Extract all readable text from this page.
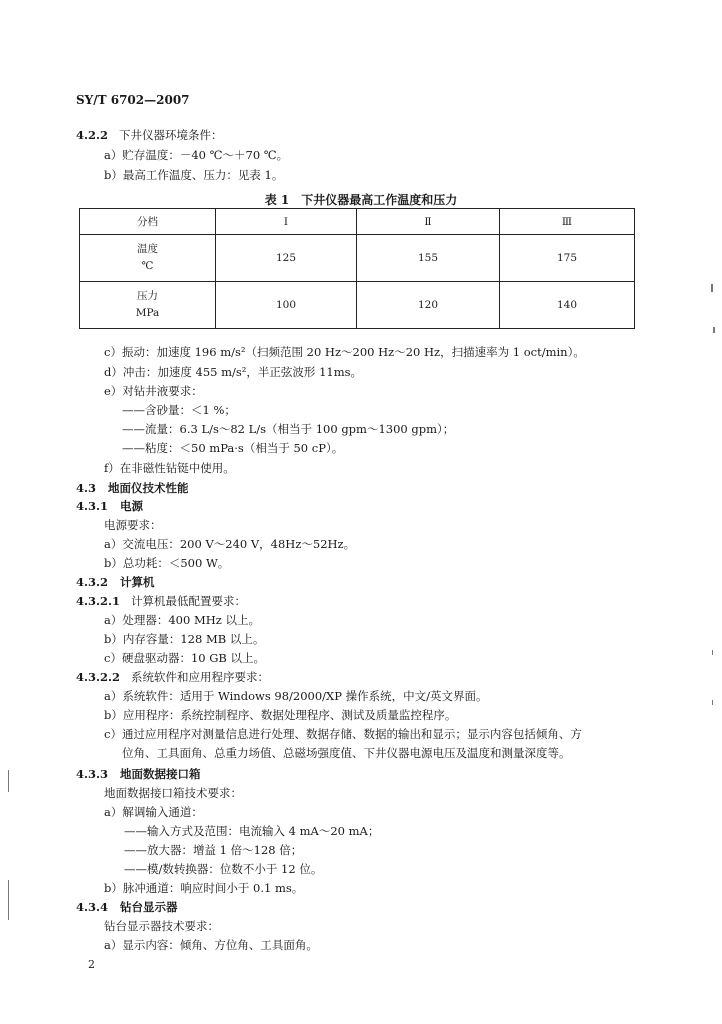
SY/T 6702—2007
4.2.2 下井仪器环境条件：
a）贮存温度：－40 ℃～＋70 ℃。
b）最高工作温度、压力：见表 1。
表 1　下井仪器最高工作温度和压力
分档	Ⅰ	Ⅱ	Ⅲ

温度
℃	125	155	175

压力
MPa	100	120	140
c）振动：加速度 196 m/s²（扫频范围 20 Hz～200 Hz～20 Hz，扫描速率为 1 oct/min）。
d）冲击：加速度 455 m/s²，半正弦波形 11ms。
e）对钻井液要求：
——含砂量：＜1 %；
——流量：6.3 L/s～82 L/s（相当于 100 gpm～1300 gpm）；
——粘度：＜50 mPa·s（相当于 50 cP）。
f）在非磁性钻铤中使用。
4.3 地面仪技术性能
4.3.1 电源
电源要求：
a）交流电压：200 V～240 V，48Hz～52Hz。
b）总功耗：＜500 W。
4.3.2 计算机
4.3.2.1 计算机最低配置要求：
a）处理器：400 MHz 以上。
b）内存容量：128 MB 以上。
c）硬盘驱动器：10 GB 以上。
4.3.2.2 系统软件和应用程序要求：
a）系统软件：适用于 Windows 98/2000/XP 操作系统，中文/英文界面。
b）应用程序：系统控制程序、数据处理程序、测试及质量监控程序。
c）通过应用程序对测量信息进行处理、数据存储、数据的输出和显示；显示内容包括倾角、方
位角、工具面角、总重力场值、总磁场强度值、下井仪器电源电压及温度和测量深度等。
4.3.3 地面数据接口箱
地面数据接口箱技术要求：
a）解调输入通道：
——输入方式及范围：电流输入 4 mA～20 mA；
——放大器：增益 1 倍～128 倍；
——模/数转换器：位数不小于 12 位。
b）脉冲通道：响应时间小于 0.1 ms。
4.3.4 钻台显示器
钻台显示器技术要求：
a）显示内容：倾角、方位角、工具面角。
2
